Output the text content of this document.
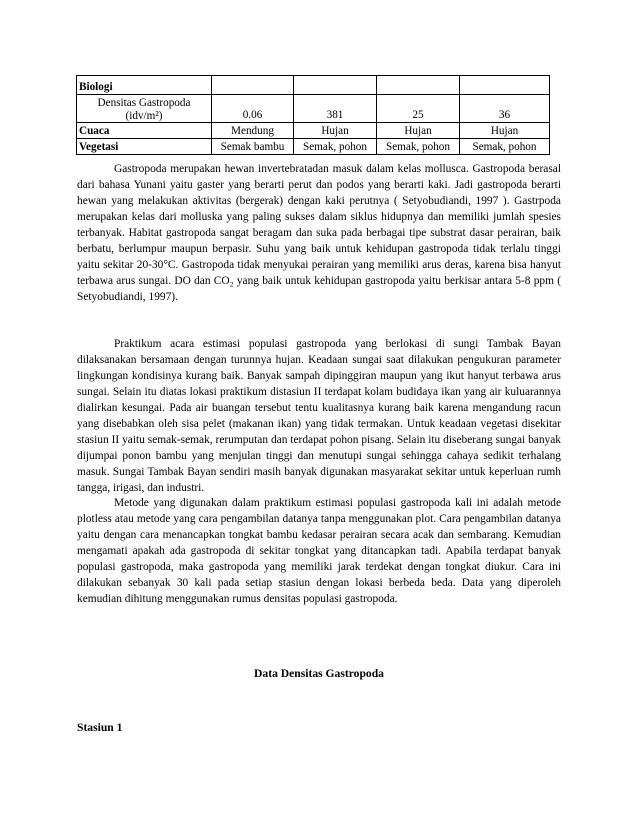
Biologi				

Densitas Gastropoda
(idv/m²)	0.06	381	25	36
Cuaca	Mendung	Hujan	Hujan	Hujan
Vegetasi	Semak bambu	Semak, pohon	Semak, pohon	Semak, pohon

Gastropoda merupakan hewan invertebratadan masuk dalam kelas mollusca. Gastropoda berasal dari bahasa Yunani yaitu gaster yang berarti perut dan podos yang berarti kaki. Jadi gastropoda berarti hewan yang melakukan aktivitas (bergerak) dengan kaki perutnya ( Setyobudiandi, 1997 ). Gastrpoda merupakan kelas dari molluska yang paling sukses dalam siklus hidupnya dan memiliki jumlah spesies terbanyak. Habitat gastropoda sangat beragam dan suka pada berbagai tipe substrat dasar perairan, baik berbatu, berlumpur maupun berpasir. Suhu yang baik untuk kehidupan gastropoda tidak terlalu tinggi yaitu sekitar 20-30°C. Gastropoda tidak menyukai perairan yang memiliki arus deras, karena bisa hanyut terbawa arus sungai. DO dan CO₂ yang baik untuk kehidupan gastropoda yaitu berkisar antara 5-8 ppm ( Setyobudiandi, 1997).

Praktikum acara estimasi populasi gastropoda yang berlokasi di sungi Tambak Bayan dilaksanakan bersamaan dengan turunnya hujan. Keadaan sungai saat dilakukan pengukuran parameter lingkungan kondisinya kurang baik. Banyak sampah dipinggiran maupun yang ikut hanyut terbawa arus sungai. Selain itu diatas lokasi praktikum distasiun II terdapat kolam budidaya ikan yang air kuluarannya dialirkan kesungai. Pada air buangan tersebut tentu kualitasnya kurang baik karena mengandung racun yang disebabkan oleh sisa pelet (makanan ikan) yang tidak termakan. Untuk keadaan vegetasi disekitar stasiun II yaitu semak-semak, rerumputan dan terdapat pohon pisang. Selain itu diseberang sungai banyak dijumpai ponon bambu yang menjulan tinggi dan menutupi sungai sehingga cahaya sedikit terhalang masuk. Sungai Tambak Bayan sendiri masih banyak digunakan masyarakat sekitar untuk keperluan rumh tangga, irigasi, dan industri.

Metode yang digunakan dalam praktikum estimasi populasi gastropoda kali ini adalah metode plotless atau metode yang cara pengambilan datanya tanpa menggunakan plot. Cara pengambilan datanya yaitu dengan cara menancapkan tongkat bambu kedasar perairan secara acak dan sembarang. Kemudian mengamati apakah ada gastropoda di sekitar tongkat yang ditancapkan tadi. Apabila terdapat banyak populasi gastropoda, maka gastropoda yang memiliki jarak terdekat dengan tongkat diukur. Cara ini dilakukan sebanyak 30 kali pada setiap stasiun dengan lokasi berbeda beda. Data yang diperoleh kemudian dihitung menggunakan rumus densitas populasi gastropoda.

Data Densitas Gastropoda
Stasiun 1
